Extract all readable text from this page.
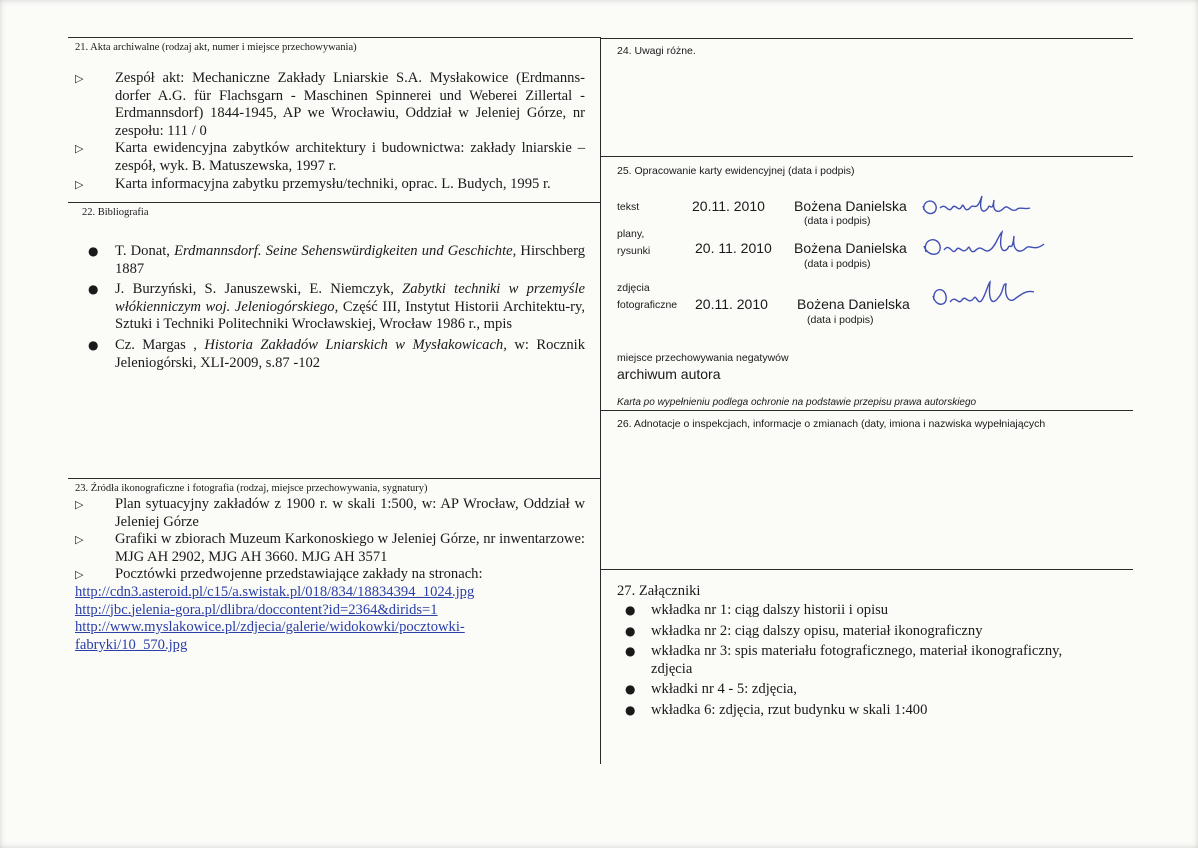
21. Akta archiwalne (rodzaj akt, numer i miejsce przechowywania)

▷ Zespół akt: Mechaniczne Zakłady Lniarskie S.A. Mysłakowice (Erdmanns-dorfer A.G. für Flachsgarn - Maschinen Spinnerei und Weberei Zillertal - Erdmannsdorf) 1844-1945, AP we Wrocławiu, Oddział w Jeleniej Górze, nr zespołu: 111 / 0

▷ Karta ewidencyjna zabytków architektury i budownictwa: zakłady lniarskie – zespół, wyk. B. Matuszewska, 1997 r.

▷ Karta informacyjna zabytku przemysłu/techniki, oprac. L. Budych, 1995 r.

22. Bibliografia

● T. Donat, Erdmannsdorf. Seine Sehenswürdigkeiten und Geschichte, Hirschberg 1887

● J. Burzyński, S. Januszewski, E. Niemczyk, Zabytki techniki w przemyśle włókienniczym woj. Jeleniogórskiego, Część III, Instytut Historii Architektu-ry, Sztuki i Techniki Politechniki Wrocławskiej, Wrocław 1986 r., mpis

● Cz. Margas , Historia Zakładów Lniarskich w Mysłakowicach, w: Rocznik Jeleniogórski, XLI-2009, s.87 -102

23. Źródła ikonograficzne i fotografia (rodzaj, miejsce przechowywania, sygnatury)

▷ Plan sytuacyjny zakładów z 1900 r. w skali 1:500, w: AP Wrocław, Oddział w Jeleniej Górze

▷ Grafiki w zbiorach Muzeum Karkonoskiego w Jeleniej Górze, nr inwentarzowe: MJG AH 2902, MJG AH 3660. MJG AH 3571

▷ Pocztówki przedwojenne przedstawiające zakłady na stronach:

http://cdn3.asteroid.pl/c15/a.swistak.pl/018/834/18834394_1024.jpg
http://jbc.jelenia-gora.pl/dlibra/doccontent?id=2364&dirids=1
http://www.myslakowice.pl/zdjecia/galerie/widokowki/pocztowki-
fabryki/10_570.jpg
24. Uwagi różne.
25. Opracowanie karty ewidencyjnej (data i podpis)
tekst	20.11. 2010 Bożena Danielska
(data i podpis)
plany,
rysunki	20. 11. 2010 Bożena Danielska
(data i podpis)
zdjęcia
fotograficzne 20.11. 2010 Bożena Danielska
(data i podpis)
miejsce przechowywania negatywów
archiwum autora
Karta po wypełnieniu podlega ochronie na podstawie przepisu prawa autorskiego
26. Adnotacje o inspekcjach, informacje o zmianach (daty, imiona i nazwiska wypełniających
27. Załączniki

● wkładka nr 1: ciąg dalszy historii i opisu

● wkładka nr 2: ciąg dalszy opisu, materiał ikonograficzny

● wkładka nr 3: spis materiału fotograficznego, materiał ikonograficzny, zdjęcia

● wkładki nr 4 - 5: zdjęcia,

● wkładka 6: zdjęcia, rzut budynku w skali 1:400
